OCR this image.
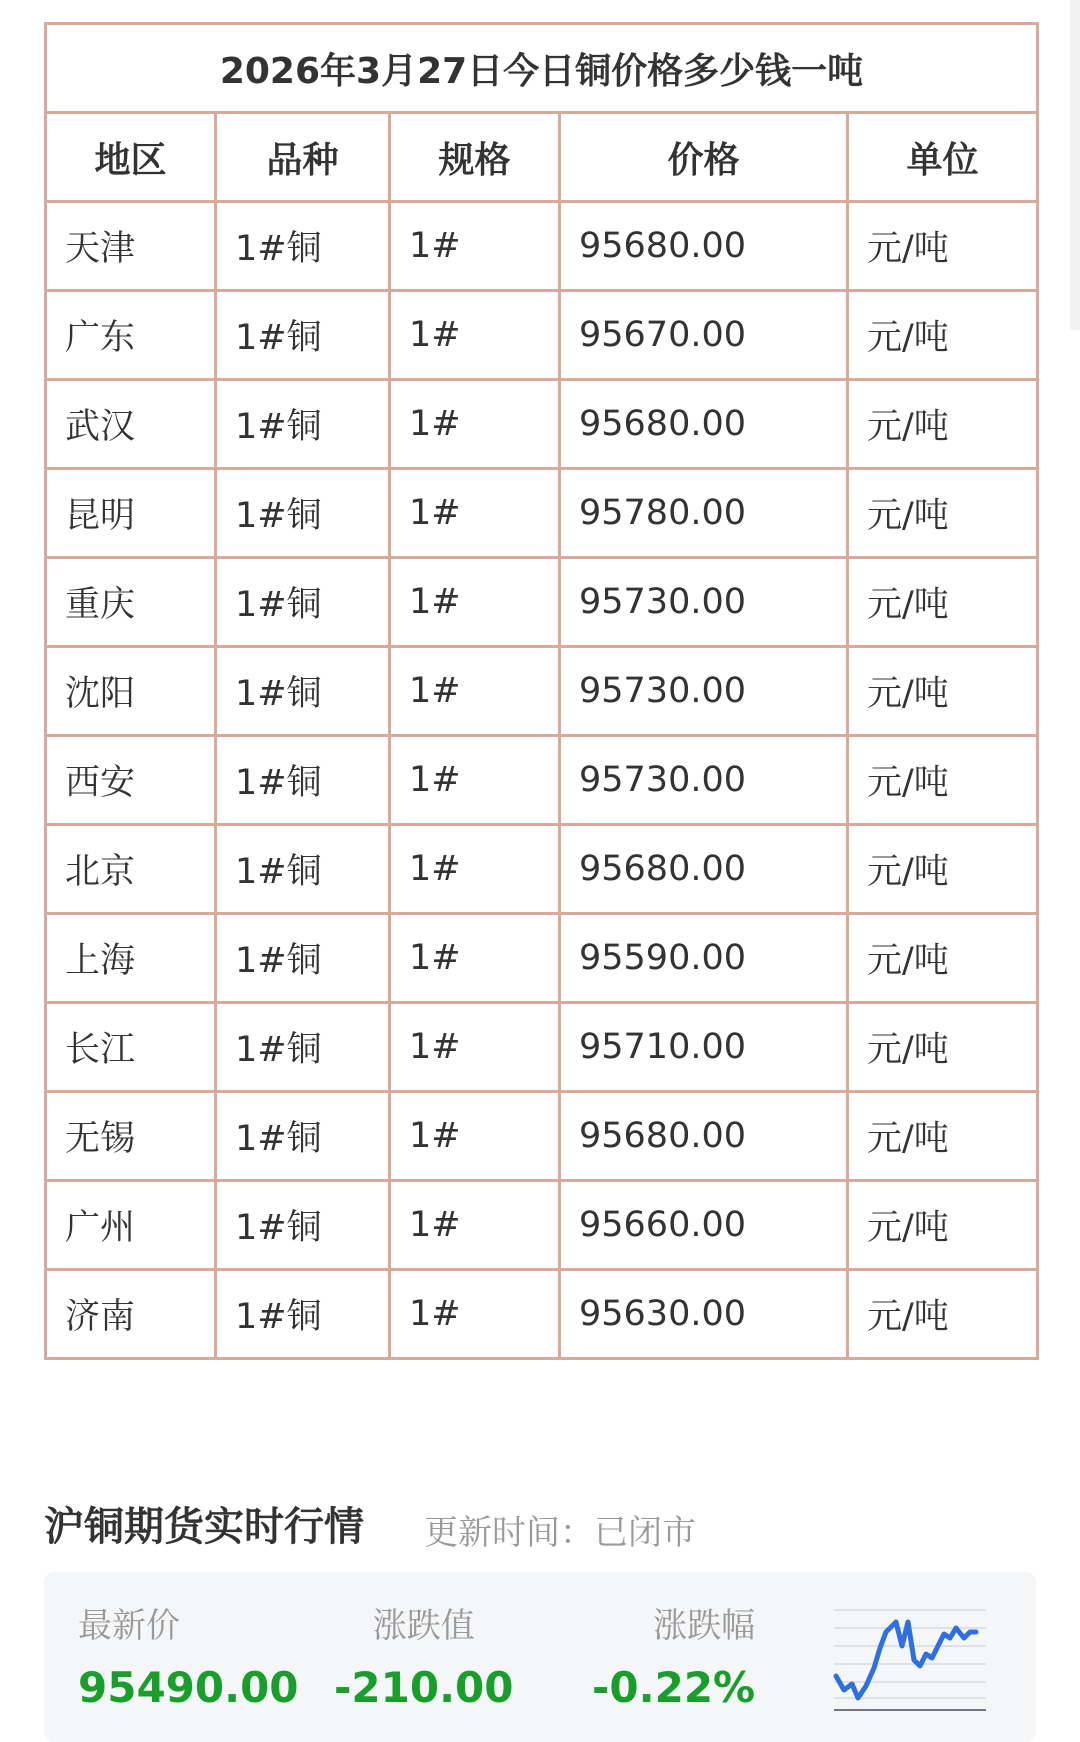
2026年3月27日今日铜价格多少钱一吨				
地区	品种	规格	价格	单位
天津	1#铜	1#	95680.00	元/吨
广东	1#铜	1#	95670.00	元/吨
武汉	1#铜	1#	95680.00	元/吨
昆明	1#铜	1#	95780.00	元/吨
重庆	1#铜	1#	95730.00	元/吨
沈阳	1#铜	1#	95730.00	元/吨
西安	1#铜	1#	95730.00	元/吨
北京	1#铜	1#	95680.00	元/吨
上海	1#铜	1#	95590.00	元/吨
长江	1#铜	1#	95710.00	元/吨
无锡	1#铜	1#	95680.00	元/吨
广州	1#铜	1#	95660.00	元/吨
济南	1#铜	1#	95630.00	元/吨
沪铜期货实时行情 更新时间：已闭市
最新价
95490.00
涨跌值
-210.00
涨跌幅
-0.22%
